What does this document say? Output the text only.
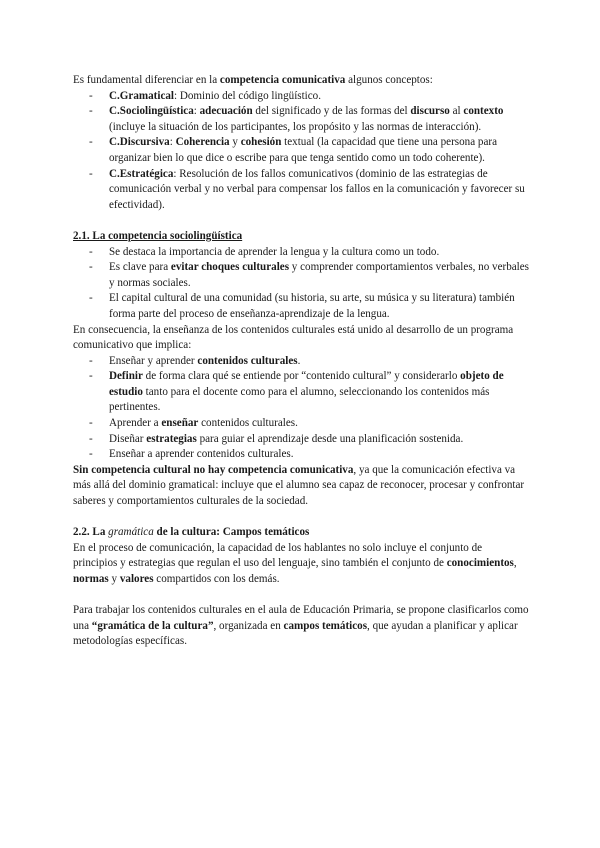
Es fundamental diferenciar en la competencia comunicativa algunos conceptos:

- C.Gramatical: Dominio del código lingüístico.
- C.Sociolingüística: adecuación del significado y de las formas del discurso al contexto (incluye la situación de los participantes, los propósito y las normas de interacción).
- C.Discursiva: Coherencia y cohesión textual (la capacidad que tiene una persona para organizar bien lo que dice o escribe para que tenga sentido como un todo coherente).
- C.Estratégica: Resolución de los fallos comunicativos (dominio de las estrategias de comunicación verbal y no verbal para compensar los fallos en la comunicación y favorecer su efectividad).

2.1. La competencia sociolingüística

- Se destaca la importancia de aprender la lengua y la cultura como un todo.
- Es clave para evitar choques culturales y comprender comportamientos verbales, no verbales y normas sociales.
- El capital cultural de una comunidad (su historia, su arte, su música y su literatura) también forma parte del proceso de enseñanza-aprendizaje de la lengua.

En consecuencia, la enseñanza de los contenidos culturales está unido al desarrollo de un programa comunicativo que implica:

- Enseñar y aprender contenidos culturales.
- Definir de forma clara qué se entiende por “contenido cultural” y considerarlo objeto de estudio tanto para el docente como para el alumno, seleccionando los contenidos más pertinentes.
- Aprender a enseñar contenidos culturales.
- Diseñar estrategias para guiar el aprendizaje desde una planificación sostenida.
- Enseñar a aprender contenidos culturales.

Sin competencia cultural no hay competencia comunicativa, ya que la comunicación efectiva va más allá del dominio gramatical: incluye que el alumno sea capaz de reconocer, procesar y confrontar saberes y comportamientos culturales de la sociedad.

2.2. La gramática de la cultura: Campos temáticos

En el proceso de comunicación, la capacidad de los hablantes no solo incluye el conjunto de principios y estrategias que regulan el uso del lenguaje, sino también el conjunto de conocimientos, normas y valores compartidos con los demás.

Para trabajar los contenidos culturales en el aula de Educación Primaria, se propone clasificarlos como una “gramática de la cultura”, organizada en campos temáticos, que ayudan a planificar y aplicar metodologías específicas.
